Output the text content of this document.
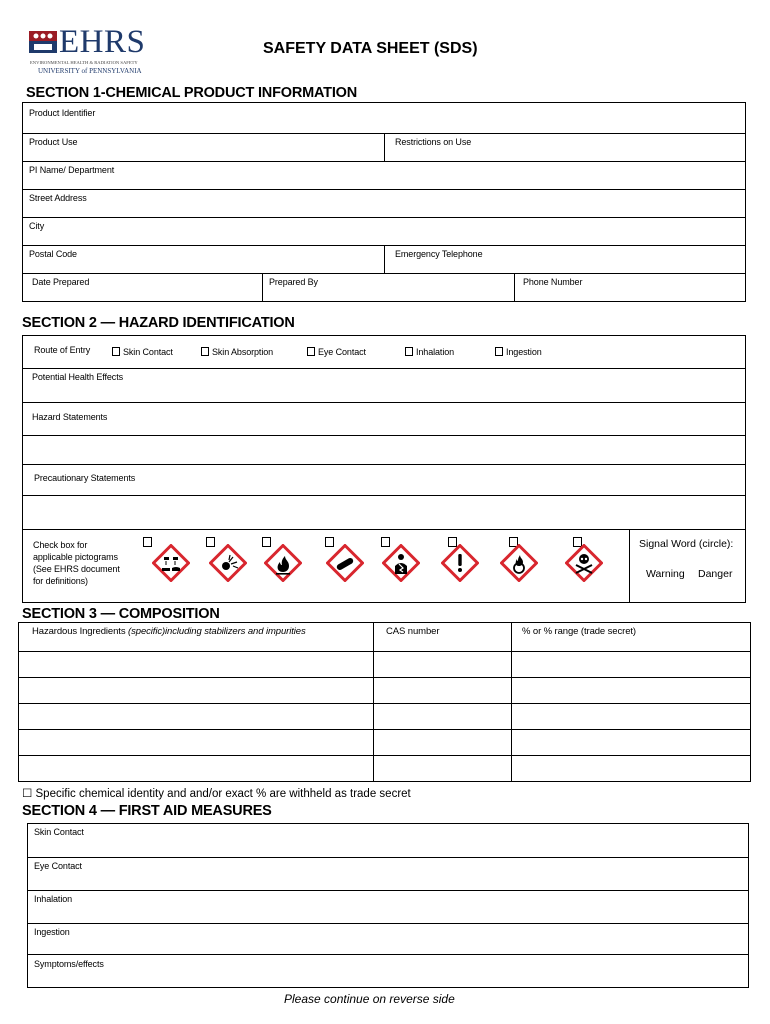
EHRS
ENVIRONMENTAL HEALTH & RADIATION SAFETY
UNIVERSITY of PENNSYLVANIA
SAFETY DATA SHEET (SDS)
SECTION 1-CHEMICAL PRODUCT INFORMATION
Product Identifier
Product Use	Restrictions on Use
PI Name/ Department
Street Address
City
Postal Code	Emergency Telephone
Date Prepared	Prepared By	Phone Number
SECTION 2 — HAZARD IDENTIFICATION
Route of Entry	Skin Contact	Skin Absorption	Eye Contact	Inhalation	Ingestion
Potential Health Effects
Hazard Statements
Precautionary Statements
Check box for
applicable pictograms
(See EHRS document
for definitions)
Signal Word (circle):
Warning Danger
SECTION 3 — COMPOSITION
Hazardous Ingredients (specific)including stabilizers and impurities	CAS number	% or % range (trade secret)
☐ Specific chemical identity and and/or exact % are withheld as trade secret
SECTION 4 — FIRST AID MEASURES
Skin Contact
Eye Contact
Inhalation
Ingestion
Symptoms/effects
Please continue on reverse side
